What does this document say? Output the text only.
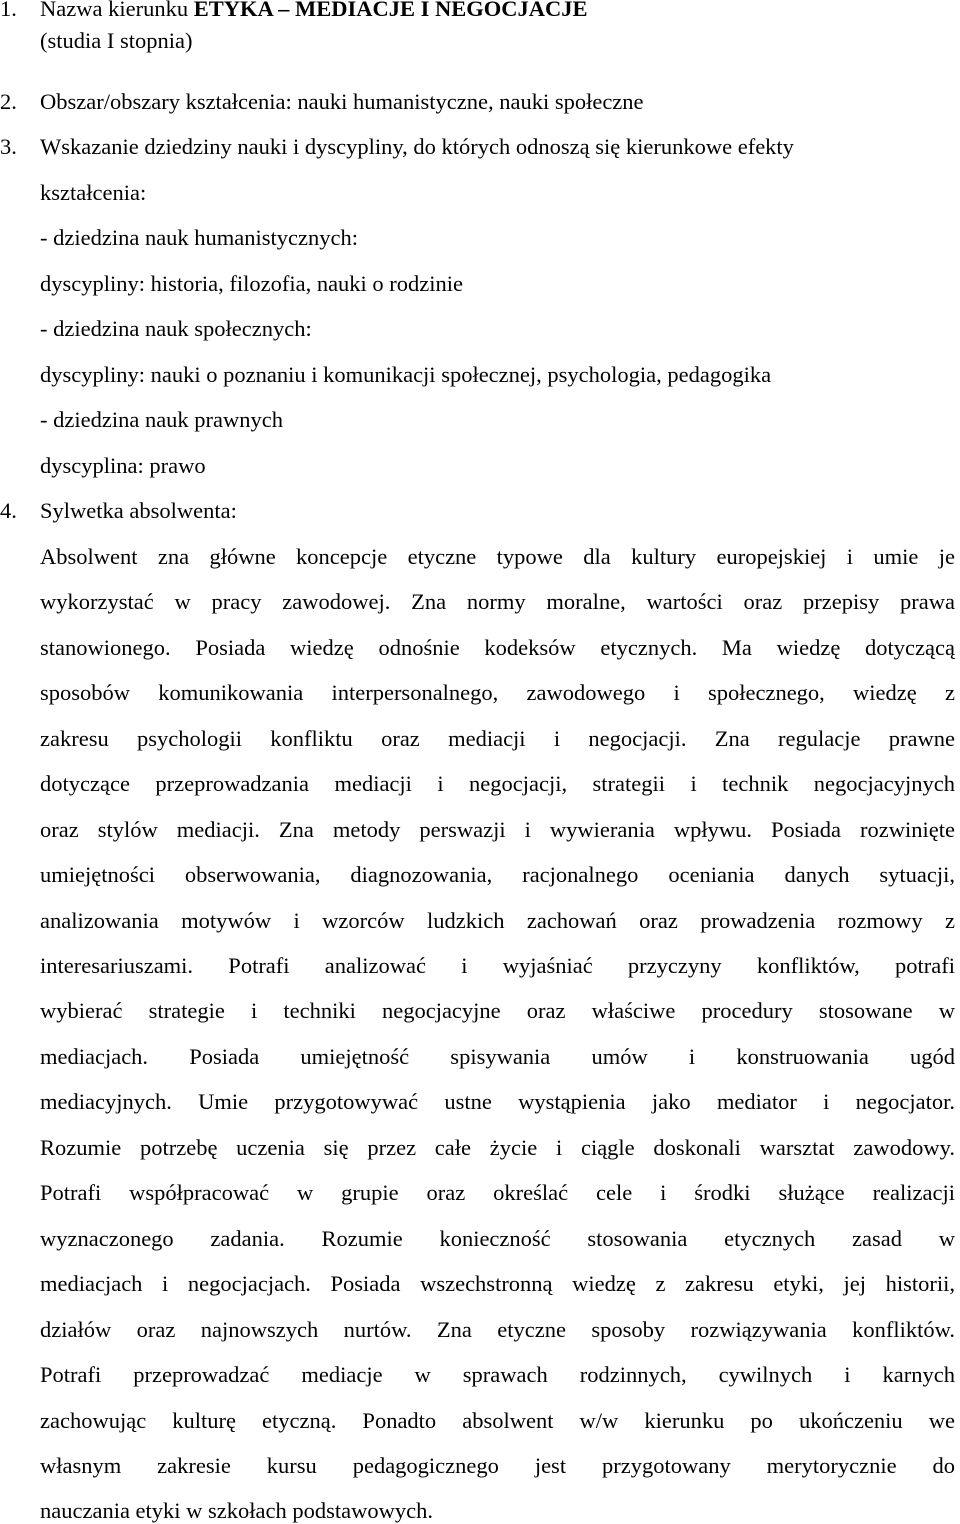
1. Nazwa kierunku ETYKA – MEDIACJE I NEGOCJACJE
(studia I stopnia)
2. Obszar/obszary kształcenia: nauki humanistyczne, nauki społeczne
3. Wskazanie dziedziny nauki i dyscypliny, do których odnoszą się kierunkowe efekty
kształcenia:
- dziedzina nauk humanistycznych:
dyscypliny: historia, filozofia, nauki o rodzinie
- dziedzina nauk społecznych:
dyscypliny: nauki o poznaniu i komunikacji społecznej, psychologia, pedagogika
- dziedzina nauk prawnych
dyscyplina: prawo
4. Sylwetka absolwenta:
Absolwent zna główne koncepcje etyczne typowe dla kultury europejskiej i umie je
wykorzystać w pracy zawodowej. Zna normy moralne, wartości oraz przepisy prawa
stanowionego. Posiada wiedzę odnośnie kodeksów etycznych. Ma wiedzę dotyczącą
sposobów komunikowania interpersonalnego, zawodowego i społecznego, wiedzę z
zakresu psychologii konfliktu oraz mediacji i negocjacji. Zna regulacje prawne
dotyczące przeprowadzania mediacji i negocjacji, strategii i technik negocjacyjnych
oraz stylów mediacji. Zna metody perswazji i wywierania wpływu. Posiada rozwinięte
umiejętności obserwowania, diagnozowania, racjonalnego oceniania danych sytuacji,
analizowania motywów i wzorców ludzkich zachowań oraz prowadzenia rozmowy z
interesariuszami. Potrafi analizować i wyjaśniać przyczyny konfliktów, potrafi
wybierać strategie i techniki negocjacyjne oraz właściwe procedury stosowane w
mediacjach. Posiada umiejętność spisywania umów i konstruowania ugód
mediacyjnych. Umie przygotowywać ustne wystąpienia jako mediator i negocjator.
Rozumie potrzebę uczenia się przez całe życie i ciągle doskonali warsztat zawodowy.
Potrafi współpracować w grupie oraz określać cele i środki służące realizacji
wyznaczonego zadania. Rozumie konieczność stosowania etycznych zasad w
mediacjach i negocjacjach. Posiada wszechstronną wiedzę z zakresu etyki, jej historii,
działów oraz najnowszych nurtów. Zna etyczne sposoby rozwiązywania konfliktów.
Potrafi przeprowadzać mediacje w sprawach rodzinnych, cywilnych i karnych
zachowując kulturę etyczną. Ponadto absolwent w/w kierunku po ukończeniu we
własnym zakresie kursu pedagogicznego jest przygotowany merytorycznie do
nauczania etyki w szkołach podstawowych.
